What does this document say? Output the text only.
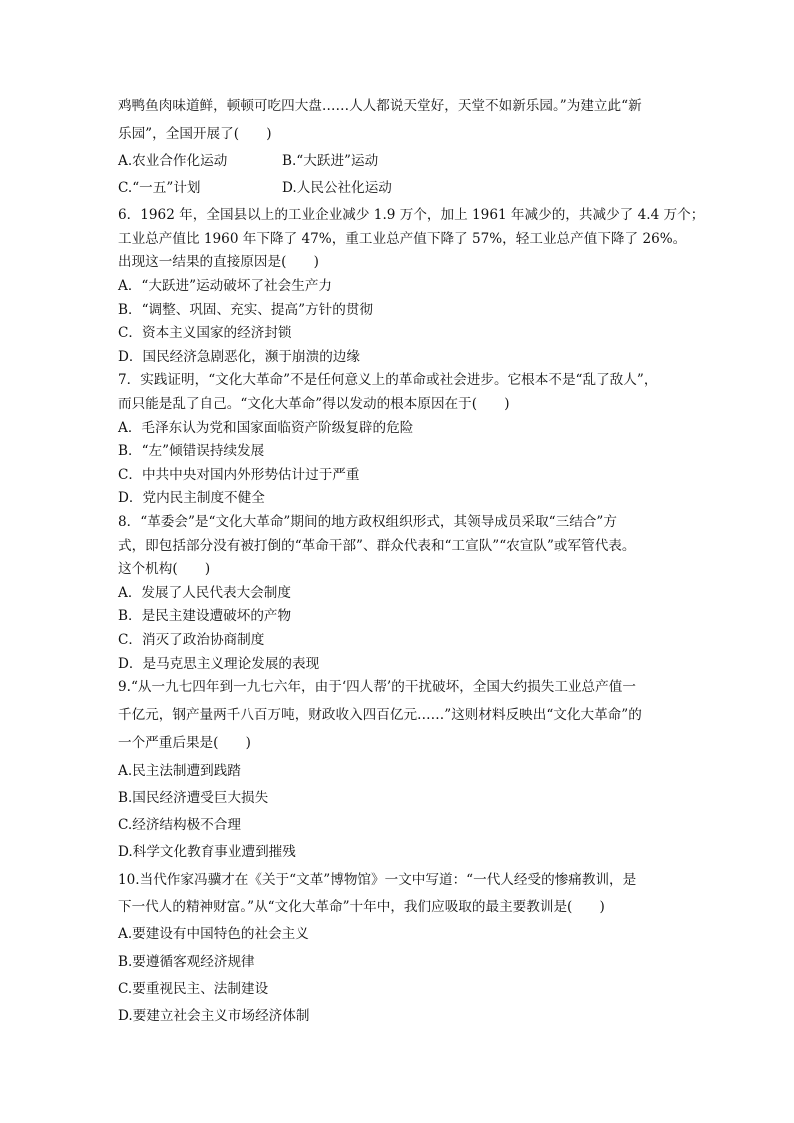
鸡鸭鱼肉味道鲜，顿顿可吃四大盘……人人都说天堂好，天堂不如新乐园。”为建立此“新
乐园”，全国开展了(　　)
A.农业合作化运动	B.“大跃进”运动
C.“一五”计划	D.人民公社化运动
6．1962 年，全国县以上的工业企业减少 1.9 万个，加上 1961 年减少的，共减少了 4.4 万个；
工业总产值比 1960 年下降了 47%，重工业总产值下降了 57%，轻工业总产值下降了 26%。
出现这一结果的直接原因是(　　)
A．“大跃进”运动破坏了社会生产力
B．“调整、巩固、充实、提高”方针的贯彻
C．资本主义国家的经济封锁
D．国民经济急剧恶化，濒于崩溃的边缘
7．实践证明，“文化大革命”不是任何意义上的革命或社会进步。它根本不是“乱了敌人”，
而只能是乱了自己。“文化大革命”得以发动的根本原因在于(　　)
A．毛泽东认为党和国家面临资产阶级复辟的危险
B．“左”倾错误持续发展
C．中共中央对国内外形势估计过于严重
D．党内民主制度不健全
8．“革委会”是“文化大革命”期间的地方政权组织形式，其领导成员采取“三结合”方
式，即包括部分没有被打倒的“革命干部”、群众代表和“工宣队”“农宣队”或军管代表。
这个机构(　　)
A．发展了人民代表大会制度
B．是民主建设遭破坏的产物
C．消灭了政治协商制度
D．是马克思主义理论发展的表现
9.“从一九七四年到一九七六年，由于‘四人帮’的干扰破坏，全国大约损失工业总产值一
千亿元，钢产量两千八百万吨，财政收入四百亿元……”这则材料反映出“文化大革命”的
一个严重后果是(　　)
A.民主法制遭到践踏
B.国民经济遭受巨大损失
C.经济结构极不合理
D.科学文化教育事业遭到摧残
10.当代作家冯骥才在《关于“文革”博物馆》一文中写道：“一代人经受的惨痛教训，是
下一代人的精神财富。”从“文化大革命”十年中，我们应吸取的最主要教训是(　　)
A.要建设有中国特色的社会主义
B.要遵循客观经济规律
C.要重视民主、法制建设
D.要建立社会主义市场经济体制
